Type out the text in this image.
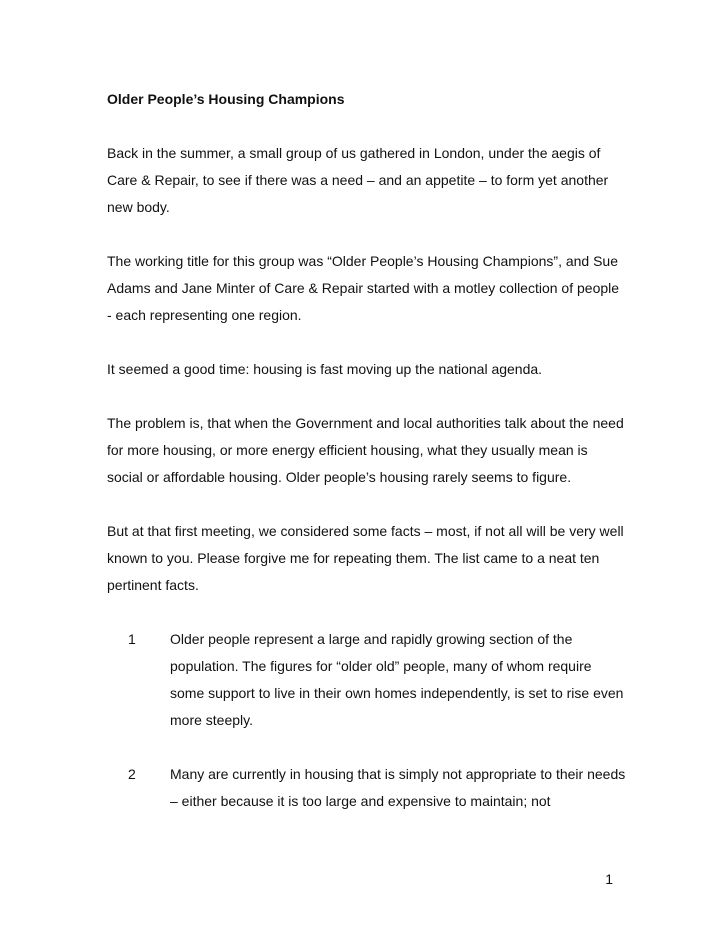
Older People’s Housing Champions
Back in the summer, a small group of us gathered in London, under the aegis of Care & Repair, to see if there was a need – and an appetite – to form yet another new body.
The working title for this group was “Older People’s Housing Champions”, and Sue Adams and Jane Minter of Care & Repair started with a motley collection of people - each representing one region.
It seemed a good time: housing is fast moving up the national agenda.
The problem is, that when the Government and local authorities talk about the need for more housing, or more energy efficient housing, what they usually mean is social or affordable housing. Older people’s housing rarely seems to figure.
But at that first meeting, we considered some facts – most, if not all will be very well known to you. Please forgive me for repeating them. The list came to a neat ten pertinent facts.
1 Older people represent a large and rapidly growing section of the population. The figures for “older old” people, many of whom require some support to live in their own homes independently, is set to rise even more steeply.
2 Many are currently in housing that is simply not appropriate to their needs – either because it is too large and expensive to maintain; not
1
